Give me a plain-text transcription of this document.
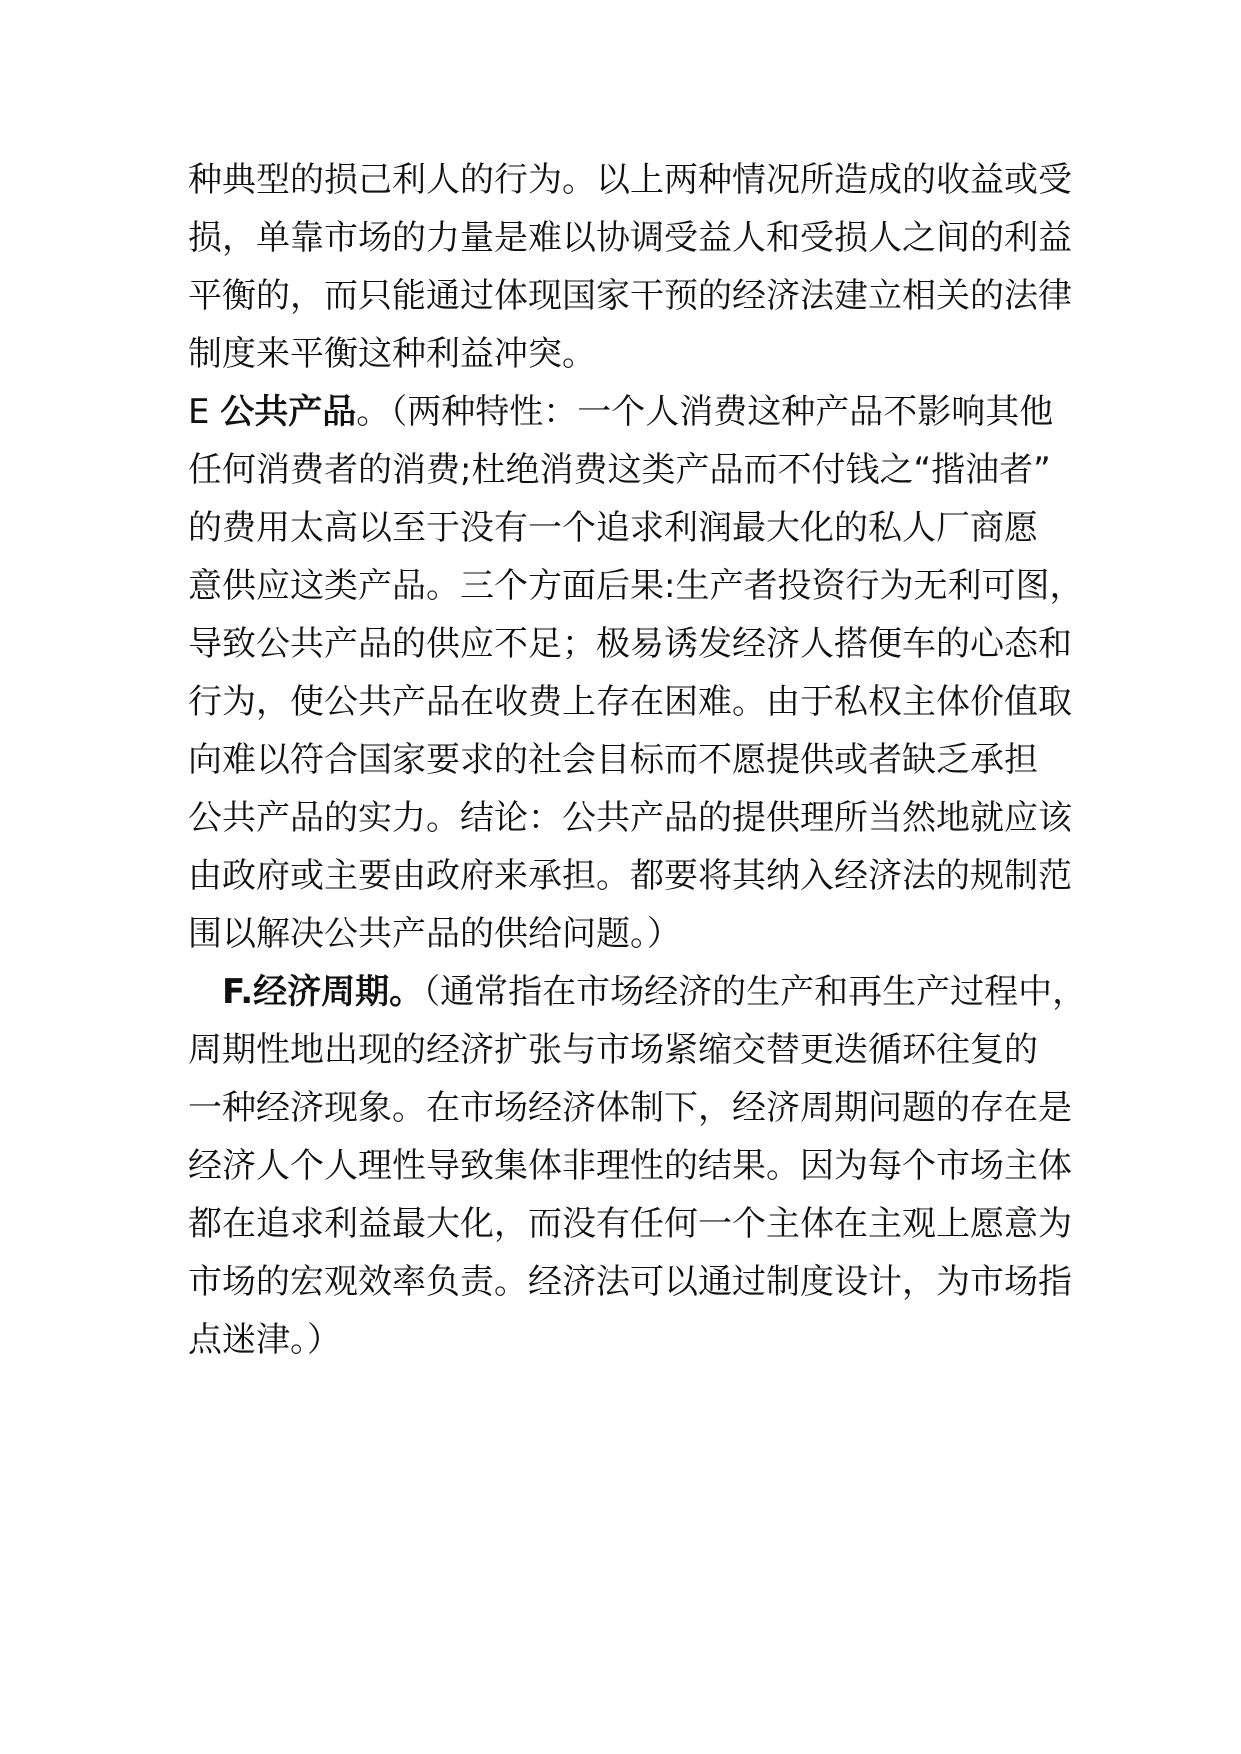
种典型的损己利人的行为。以上两种情况所造成的收益或受
损，单靠市场的力量是难以协调受益人和受损人之间的利益
平衡的，而只能通过体现国家干预的经济法建立相关的法律
制度来平衡这种利益冲突。
E 公共产品。（两种特性：一个人消费这种产品不影响其他
任何消费者的消费;杜绝消费这类产品而不付钱之“揩油者”
的费用太高以至于没有一个追求利润最大化的私人厂商愿
意供应这类产品。三个方面后果:生产者投资行为无利可图，
导致公共产品的供应不足；极易诱发经济人搭便车的心态和
行为，使公共产品在收费上存在困难。由于私权主体价值取
向难以符合国家要求的社会目标而不愿提供或者缺乏承担
公共产品的实力。结论：公共产品的提供理所当然地就应该
由政府或主要由政府来承担。都要将其纳入经济法的规制范
围以解决公共产品的供给问题。）
F.经济周期。（通常指在市场经济的生产和再生产过程中，
周期性地出现的经济扩张与市场紧缩交替更迭循环往复的
一种经济现象。在市场经济体制下，经济周期问题的存在是
经济人个人理性导致集体非理性的结果。因为每个市场主体
都在追求利益最大化，而没有任何一个主体在主观上愿意为
市场的宏观效率负责。经济法可以通过制度设计，为市场指
点迷津。）
